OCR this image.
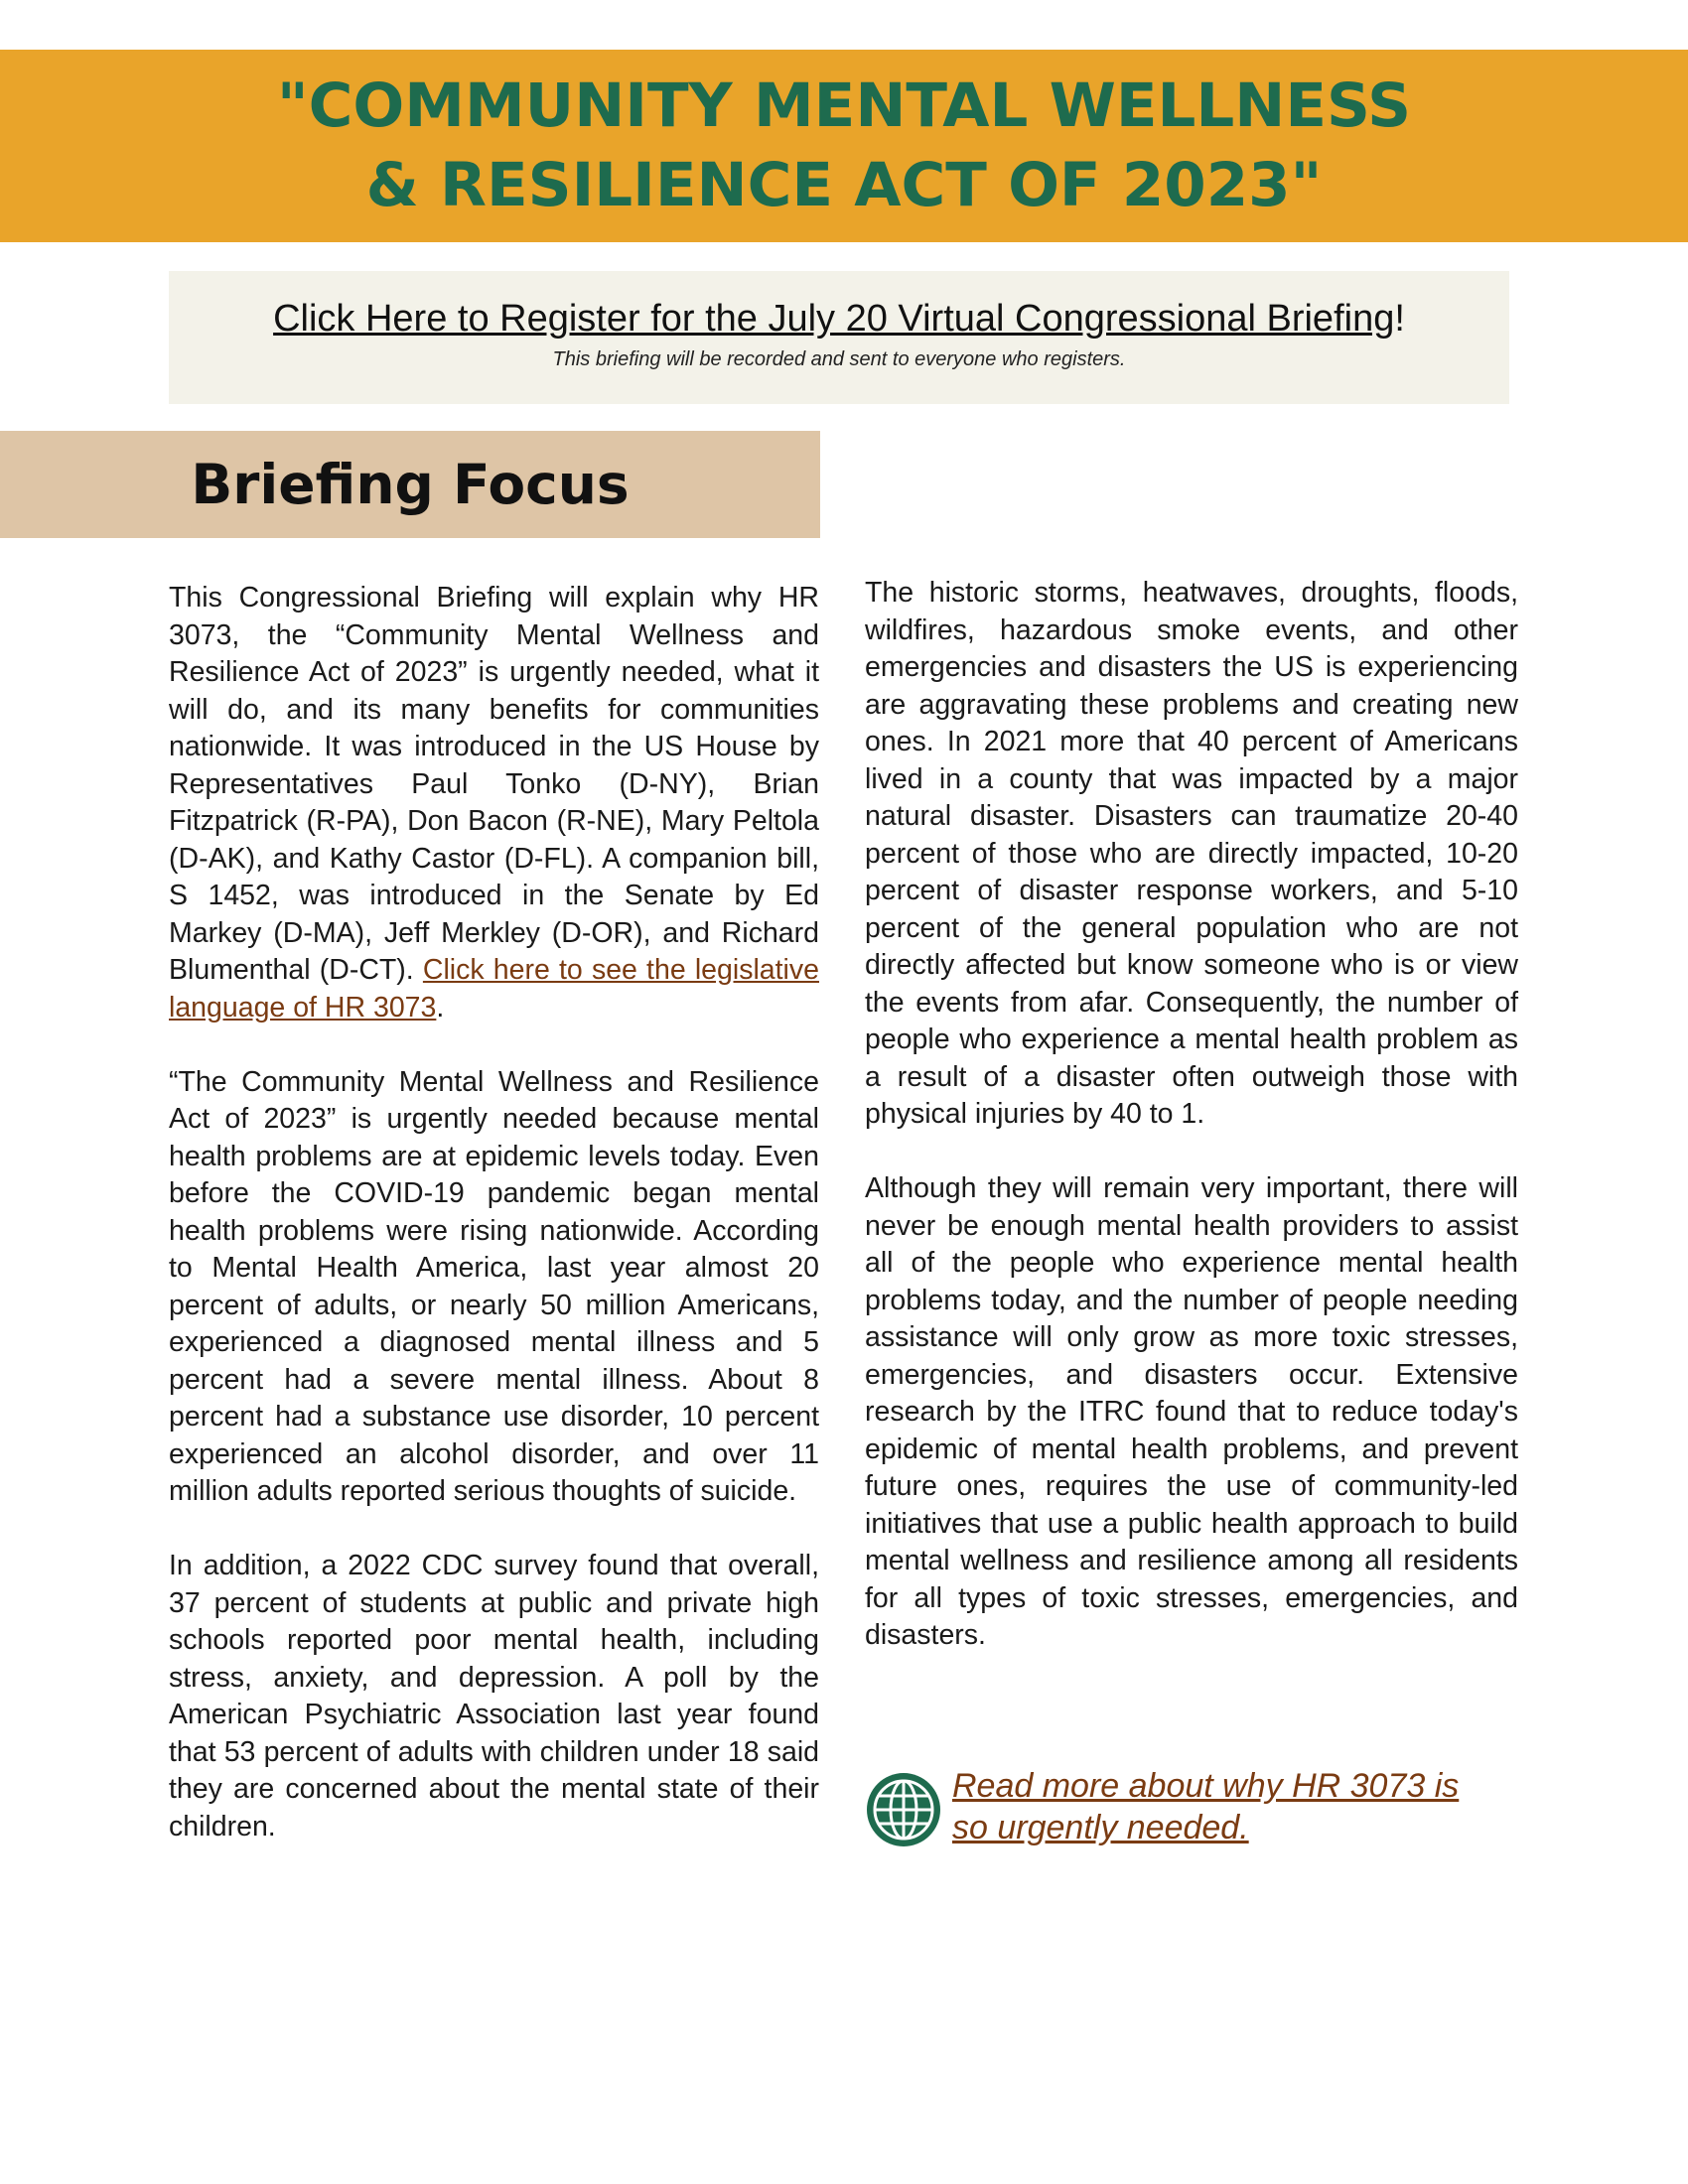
"COMMUNITY MENTAL WELLNESS
& RESILIENCE ACT OF 2023"
Click Here to Register for the July 20 Virtual Congressional Briefing!
This briefing will be recorded and sent to everyone who registers.
Briefing Focus

This Congressional Briefing will explain why HR 3073, the “Community Mental Wellness and Resilience Act of 2023” is urgently needed, what it will do, and its many benefits for communities nationwide. It was introduced in the US House by Representatives Paul Tonko (D-NY), Brian Fitzpatrick (R-PA), Don Bacon (R-NE), Mary Peltola (D-AK), and Kathy Castor (D-FL). A companion bill, S 1452, was introduced in the Senate by Ed Markey (D-MA), Jeff Merkley (D-OR), and Richard Blumenthal (D-CT). Click here to see the legislative language of HR 3073.

“The Community Mental Wellness and Resilience Act of 2023” is urgently needed because mental health problems are at epidemic levels today. Even before the COVID-19 pandemic began mental health problems were rising nationwide. According to Mental Health America, last year almost 20 percent of adults, or nearly 50 million Americans, experienced a diagnosed mental illness and 5 percent had a severe mental illness. About 8 percent had a substance use disorder, 10 percent experienced an alcohol disorder, and over 11 million adults reported serious thoughts of suicide.

In addition, a 2022 CDC survey found that overall, 37 percent of students at public and private high schools reported poor mental health, including stress, anxiety, and depression. A poll by the American Psychiatric Association last year found that 53 percent of adults with children under 18 said they are concerned about the mental state of their children.

The historic storms, heatwaves, droughts, floods, wildfires, hazardous smoke events, and other emergencies and disasters the US is experiencing are aggravating these problems and creating new ones. In 2021 more that 40 percent of Americans lived in a county that was impacted by a major natural disaster. Disasters can traumatize 20-40 percent of those who are directly impacted, 10-20 percent of disaster response workers, and 5-10 percent of the general population who are not directly affected but know someone who is or view the events from afar. Consequently, the number of people who experience a mental health problem as a result of a disaster often outweigh those with physical injuries by 40 to 1.

Although they will remain very important, there will never be enough mental health providers to assist all of the people who experience mental health problems today, and the number of people needing assistance will only grow as more toxic stresses, emergencies, and disasters occur. Extensive research by the ITRC found that to reduce today's epidemic of mental health problems, and prevent future ones, requires the use of community-led initiatives that use a public health approach to build mental wellness and resilience among all residents for all types of toxic stresses, emergencies, and disasters.

Read more about why HR 3073 is so urgently needed.
